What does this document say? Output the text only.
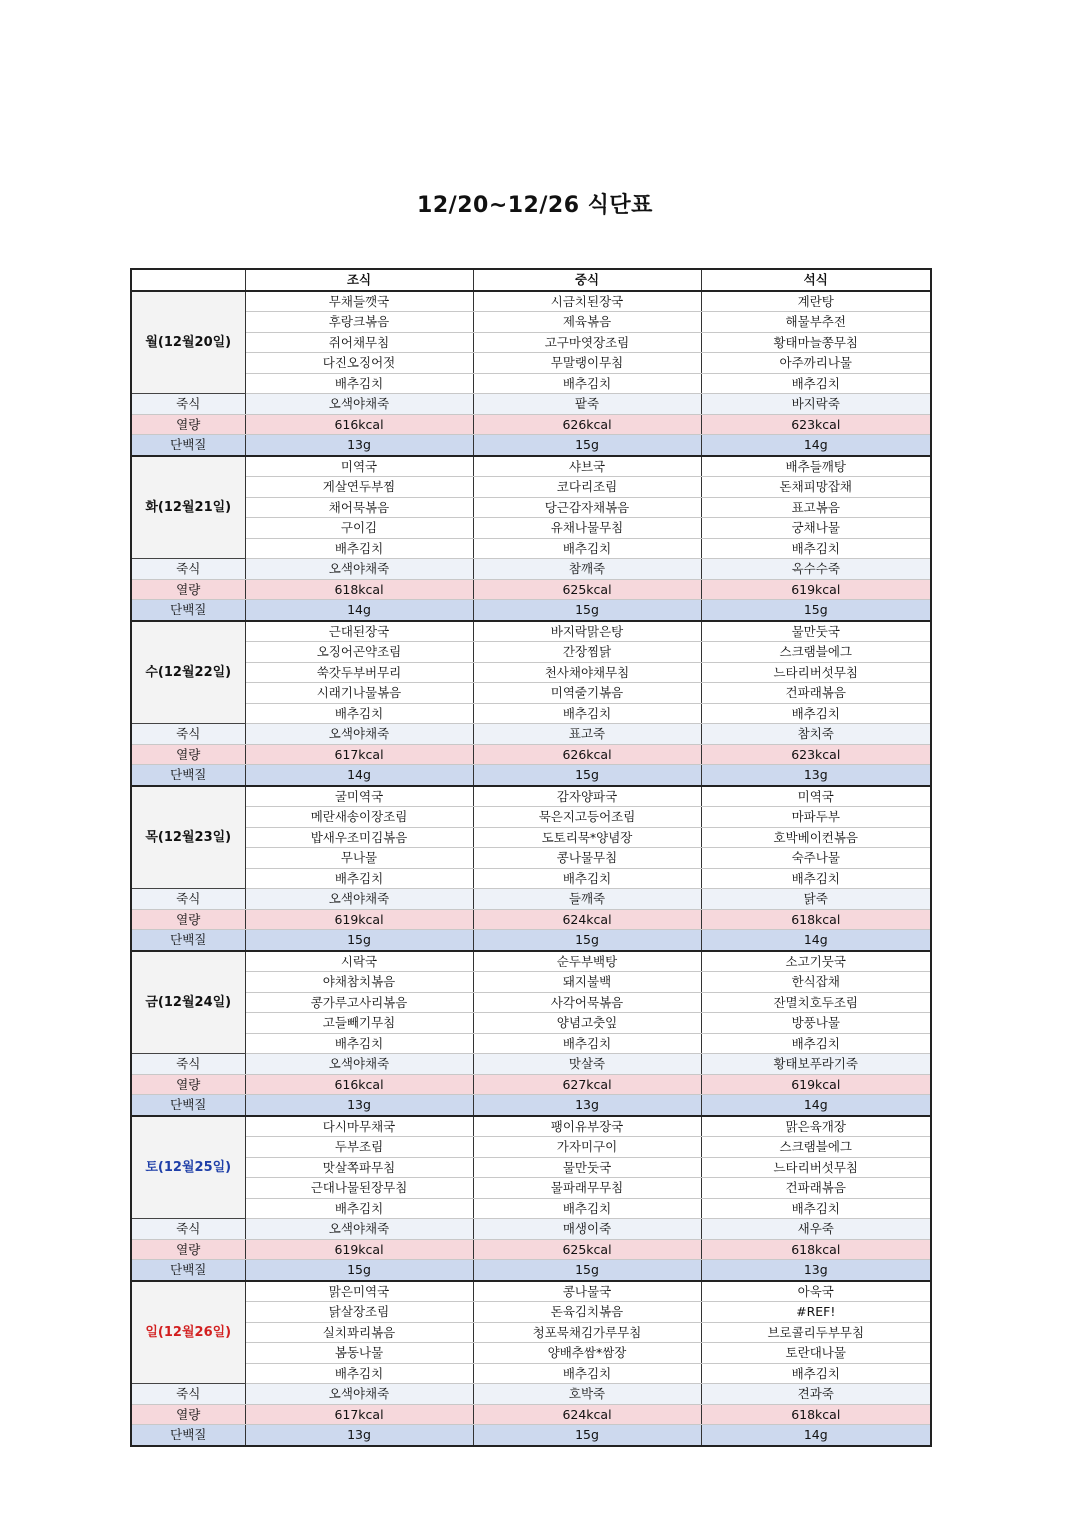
12/20~12/26 식단표
	조식	중식	석식
월(12월20일)	무채들깻국	시금치된장국	계란탕
	후랑크볶음	제육볶음	해물부추전
	쥐어채무침	고구마엿장조림	황태마늘쫑무침
	다진오징어젓	무말랭이무침	아주까리나물
	배추김치	배추김치	배추김치
죽식	오색야채죽	팥죽	바지락죽
열량	616kcal	626kcal	623kcal
단백질	13g	15g	14g
화(12월21일)	미역국	샤브국	배추들깨탕
	게살연두부찜	코다리조림	돈채피망잡채
	채어묵볶음	당근감자채볶음	표고볶음
	구이김	유채나물무침	궁채나물
	배추김치	배추김치	배추김치
죽식	오색야채죽	참깨죽	옥수수죽
열량	618kcal	625kcal	619kcal
단백질	14g	15g	15g
수(12월22일)	근대된장국	바지락맑은탕	물만둣국
	오징어곤약조림	간장찜닭	스크램블에그
	쑥갓두부버무리	천사채야채무침	느타리버섯무침
	시래기나물볶음	미역줄기볶음	건파래볶음
	배추김치	배추김치	배추김치
죽식	오색야채죽	표고죽	참치죽
열량	617kcal	626kcal	623kcal
단백질	14g	15g	13g
목(12월23일)	굴미역국	감자양파국	미역국
	메란새송이장조림	묵은지고등어조림	마파두부
	밥새우조미김볶음	도토리묵*양념장	호박베이컨볶음
	무나물	콩나물무침	숙주나물
	배추김치	배추김치	배추김치
죽식	오색야채죽	들깨죽	닭죽
열량	619kcal	624kcal	618kcal
단백질	15g	15g	14g
금(12월24일)	시락국	순두부백탕	소고기뭇국
	야채참치볶음	돼지불백	한식잡채
	콩가루고사리볶음	사각어묵볶음	잔멸치호두조림
	고들빼기무침	양념고춧잎	방풍나물
	배추김치	배추김치	배추김치
죽식	오색야채죽	맛살죽	황태보푸라기죽
열량	616kcal	627kcal	619kcal
단백질	13g	13g	14g
토(12월25일)	다시마무채국	팽이유부장국	맑은육개장
	두부조림	가자미구이	스크램블에그
	맛살쪽파무침	물만둣국	느타리버섯무침
	근대나물된장무침	물파래무무침	건파래볶음
	배추김치	배추김치	배추김치
죽식	오색야채죽	매생이죽	새우죽
열량	619kcal	625kcal	618kcal
단백질	15g	15g	13g
일(12월26일)	맑은미역국	콩나물국	아욱국
	닭살장조림	돈육김치볶음	#REF!
	실치꽈리볶음	청포묵채김가루무침	브로콜리두부무침
	봄동나물	양배추쌈*쌈장	토란대나물
	배추김치	배추김치	배추김치
죽식	오색야채죽	호박죽	견과죽
열량	617kcal	624kcal	618kcal
단백질	13g	15g	14g
